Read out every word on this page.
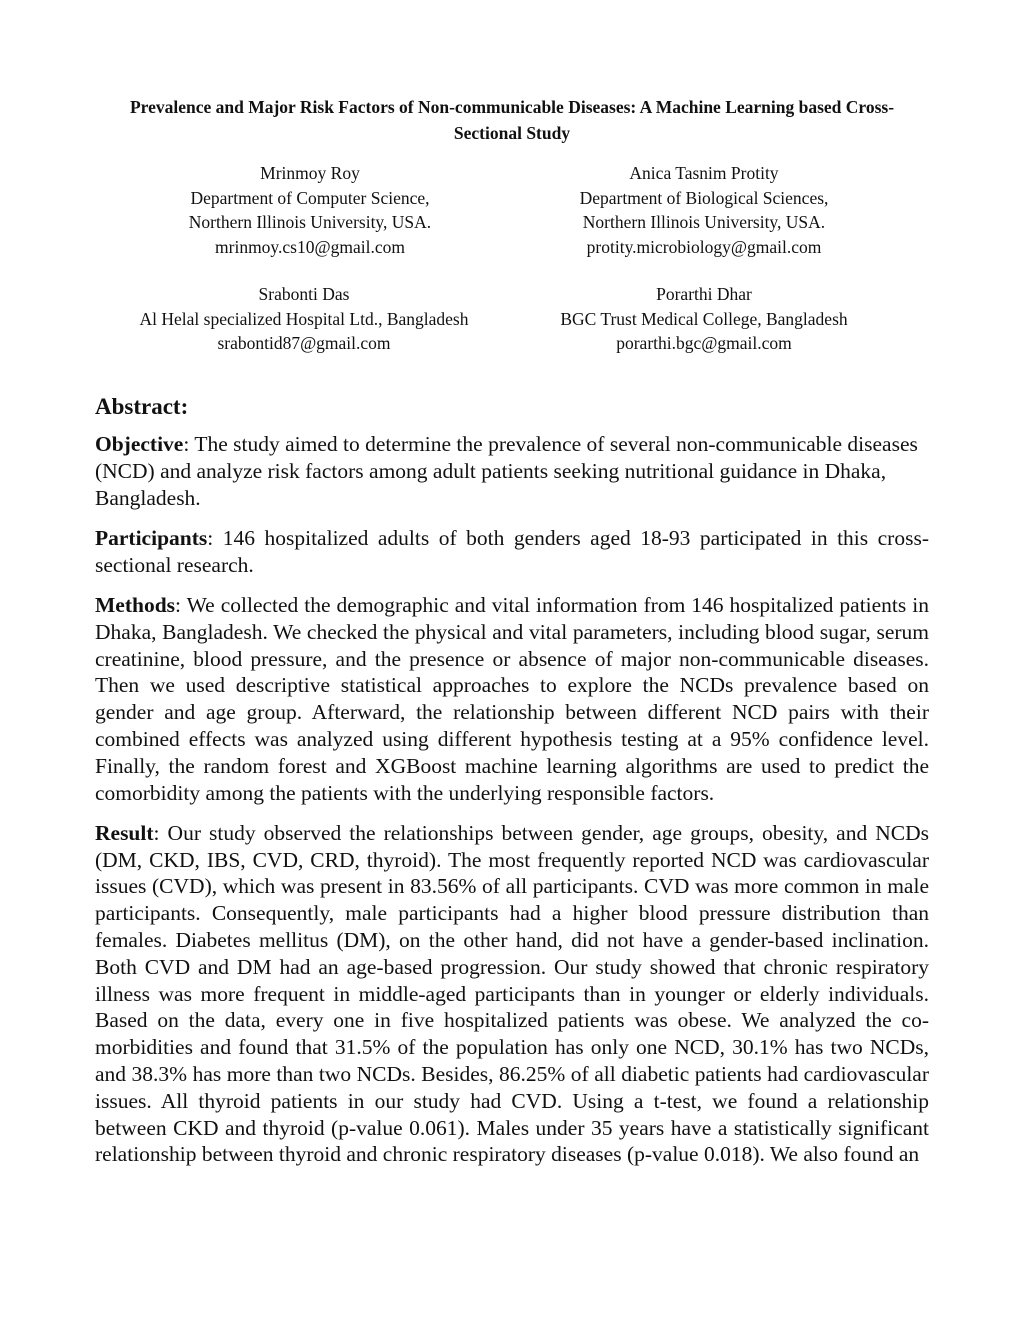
Prevalence and Major Risk Factors of Non-communicable Diseases: A Machine Learning based Cross-Sectional Study
Mrinmoy Roy
Department of Computer Science,
Northern Illinois University, USA.
mrinmoy.cs10@gmail.com
Anica Tasnim Protity
Department of Biological Sciences,
Northern Illinois University, USA.
protity.microbiology@gmail.com
Srabonti Das
Al Helal specialized Hospital Ltd., Bangladesh
srabontid87@gmail.com
Porarthi Dhar
BGC Trust Medical College, Bangladesh
porarthi.bgc@gmail.com
Abstract:

Objective: The study aimed to determine the prevalence of several non-communicable diseases (NCD) and analyze risk factors among adult patients seeking nutritional guidance in Dhaka, Bangladesh.

Participants: 146 hospitalized adults of both genders aged 18-93 participated in this cross-sectional research.

Methods: We collected the demographic and vital information from 146 hospitalized patients in Dhaka, Bangladesh. We checked the physical and vital parameters, including blood sugar, serum creatinine, blood pressure, and the presence or absence of major non-communicable diseases. Then we used descriptive statistical approaches to explore the NCDs prevalence based on gender and age group. Afterward, the relationship between different NCD pairs with their combined effects was analyzed using different hypothesis testing at a 95% confidence level. Finally, the random forest and XGBoost machine learning algorithms are used to predict the comorbidity among the patients with the underlying responsible factors.

Result: Our study observed the relationships between gender, age groups, obesity, and NCDs (DM, CKD, IBS, CVD, CRD, thyroid). The most frequently reported NCD was cardiovascular issues (CVD), which was present in 83.56% of all participants. CVD was more common in male participants. Consequently, male participants had a higher blood pressure distribution than females. Diabetes mellitus (DM), on the other hand, did not have a gender-based inclination. Both CVD and DM had an age-based progression. Our study showed that chronic respiratory illness was more frequent in middle-aged participants than in younger or elderly individuals. Based on the data, every one in five hospitalized patients was obese. We analyzed the co-morbidities and found that 31.5% of the population has only one NCD, 30.1% has two NCDs, and 38.3% has more than two NCDs. Besides, 86.25% of all diabetic patients had cardiovascular issues. All thyroid patients in our study had CVD. Using a t-test, we found a relationship between CKD and thyroid (p-value 0.061). Males under 35 years have a statistically significant relationship between thyroid and chronic respiratory diseases (p-value 0.018). We also found an
